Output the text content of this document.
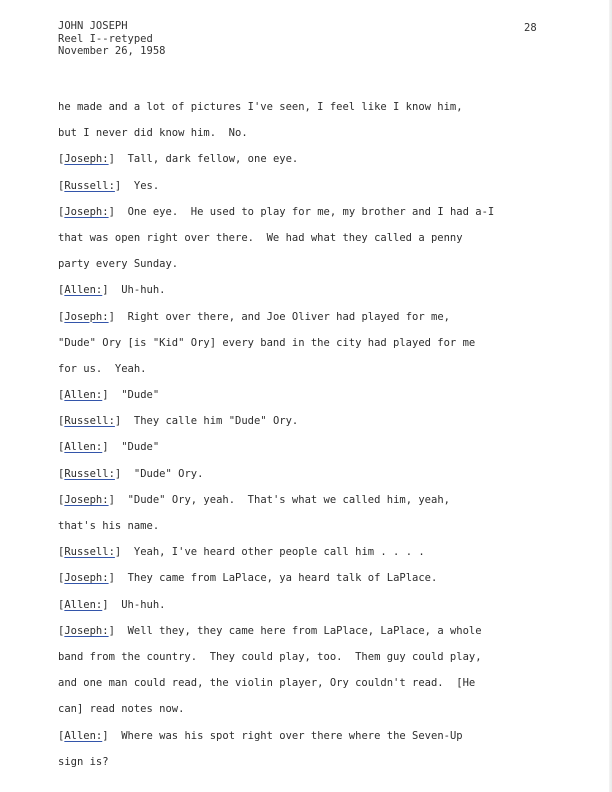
JOHN JOSEPH
Reel I--retyped
November 26, 1958
28
he made and a lot of pictures I've seen, I feel like I know him,
but I never did know him.  No.
[Joseph:]  Tall, dark fellow, one eye.
[Russell:]  Yes.
[Joseph:]  One eye.  He used to play for me, my brother and I had a-I
that was open right over there.  We had what they called a penny
party every Sunday.
[Allen:]  Uh-huh.
[Joseph:]  Right over there, and Joe Oliver had played for me,
"Dude" Ory [is "Kid" Ory] every band in the city had played for me
for us.  Yeah.
[Allen:]  "Dude"
[Russell:]  They calle him "Dude" Ory.
[Allen:]  "Dude"
[Russell:]  "Dude" Ory.
[Joseph:]  "Dude" Ory, yeah.  That's what we called him, yeah,
that's his name.
[Russell:]  Yeah, I've heard other people call him . . . .
[Joseph:]  They came from LaPlace, ya heard talk of LaPlace.
[Allen:]  Uh-huh.
[Joseph:]  Well they, they came here from LaPlace, LaPlace, a whole
band from the country.  They could play, too.  Them guy could play,
and one man could read, the violin player, Ory couldn't read.  [He
can] read notes now.
[Allen:]  Where was his spot right over there where the Seven-Up
sign is?
